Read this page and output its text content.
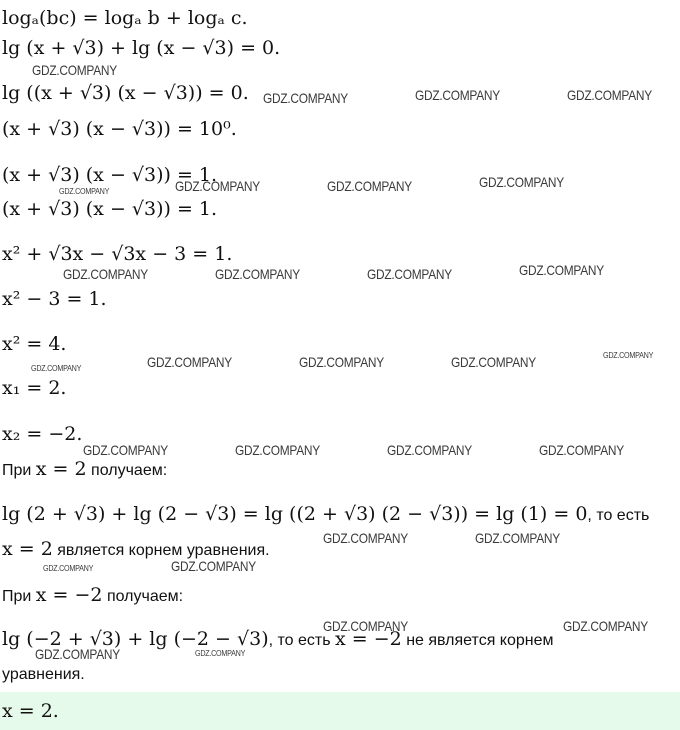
logₐ(bc) = logₐ b + logₐ c.
lg (x + √3) + lg (x − √3) = 0.
lg ((x + √3) (x − √3)) = 0.
(x + √3) (x − √3)) = 10⁰.
(x + √3) (x − √3)) = 1.
(x + √3) (x − √3)) = 1.
x² + √3x − √3x − 3 = 1.
x² − 3 = 1.
x² = 4.
x₁ = 2.
x₂ = −2.
При x = 2 получаем:
lg (2 + √3) + lg (2 − √3) = lg ((2 + √3) (2 − √3)) = lg (1) = 0, то есть
x = 2 является корнем уравнения.
При x = −2 получаем:
lg (−2 + √3) + lg (−2 − √3), то есть x = −2 не является корнем
уравнения.
x = 2.
GDZ.COMPANY
GDZ.COMPANY	GDZ.COMPANY	GDZ.COMPANY
GDZ.COMPANY	GDZ.COMPANY	GDZ.COMPANY	GDZ.COMPANY
GDZ.COMPANY	GDZ.COMPANY	GDZ.COMPANY	GDZ.COMPANY
GDZ.COMPANY	GDZ.COMPANY	GDZ.COMPANY	GDZ.COMPANY	GDZ.COMPANY
GDZ.COMPANY	GDZ.COMPANY	GDZ.COMPANY	GDZ.COMPANY
GDZ.COMPANY	GDZ.COMPANY
GDZ.COMPANY	GDZ.COMPANY
GDZ.COMPANY	GDZ.COMPANY
GDZ.COMPANY	GDZ.COMPANY
